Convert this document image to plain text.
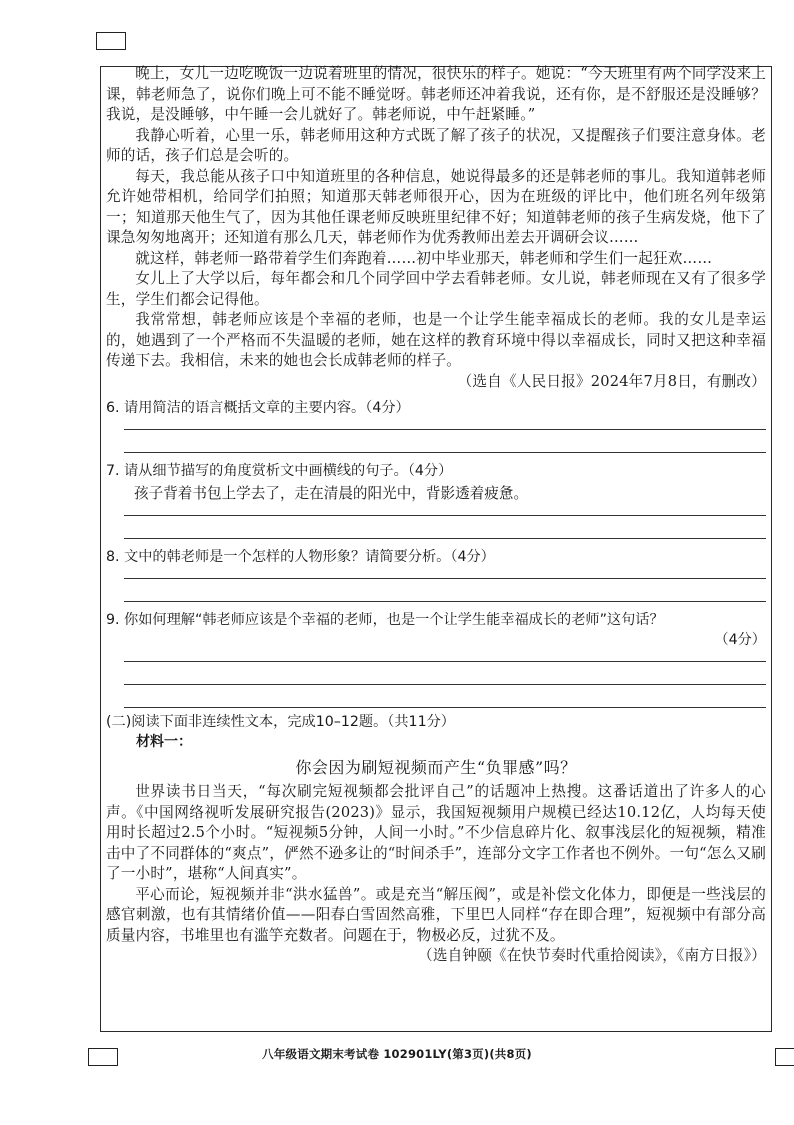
晚上，女儿一边吃晚饭一边说着班里的情况，很快乐的样子。她说：“今天班里有两个同学没来上课，韩老师急了，说你们晚上可不能不睡觉呀。韩老师还冲着我说，还有你，是不舒服还是没睡够？我说，是没睡够，中午睡一会儿就好了。韩老师说，中午赶紧睡。”

我静心听着，心里一乐，韩老师用这种方式既了解了孩子的状况，又提醒孩子们要注意身体。老师的话，孩子们总是会听的。

每天，我总能从孩子口中知道班里的各种信息，她说得最多的还是韩老师的事儿。我知道韩老师允许她带相机，给同学们拍照；知道那天韩老师很开心，因为在班级的评比中，他们班名列年级第一；知道那天他生气了，因为其他任课老师反映班里纪律不好；知道韩老师的孩子生病发烧，他下了课急匆匆地离开；还知道有那么几天，韩老师作为优秀教师出差去开调研会议……

就这样，韩老师一路带着学生们奔跑着……初中毕业那天，韩老师和学生们一起狂欢……

女儿上了大学以后，每年都会和几个同学回中学去看韩老师。女儿说，韩老师现在又有了很多学生，学生们都会记得他。

我常常想，韩老师应该是个幸福的老师，也是一个让学生能幸福成长的老师。我的女儿是幸运的，她遇到了一个严格而不失温暖的老师，她在这样的教育环境中得以幸福成长，同时又把这种幸福传递下去。我相信，未来的她也会长成韩老师的样子。

（选自《人民日报》2024年7月8日，有删改）

6. 请用简洁的语言概括文章的主要内容。（4分）

7. 请从细节描写的角度赏析文中画横线的句子。（4分）

孩子背着书包上学去了，走在清晨的阳光中，背影透着疲惫。

8. 文中的韩老师是一个怎样的人物形象？请简要分析。（4分）

9. 你如何理解“韩老师应该是个幸福的老师，也是一个让学生能幸福成长的老师”这句话？

（4分）

(二)阅读下面非连续性文本，完成10–12题。（共11分）

材料一：

你会因为刷短视频而产生“负罪感”吗？

世界读书日当天，“每次刷完短视频都会批评自己”的话题冲上热搜。这番话道出了许多人的心声。《中国网络视听发展研究报告(2023)》显示，我国短视频用户规模已经达10.12亿，人均每天使用时长超过2.5个小时。“短视频5分钟，人间一小时。”不少信息碎片化、叙事浅层化的短视频，精准击中了不同群体的“爽点”，俨然不逊多让的“时间杀手”，连部分文字工作者也不例外。一句“怎么又刷了一小时”，堪称“人间真实”。

平心而论，短视频并非“洪水猛兽”。或是充当“解压阀”，或是补偿文化体力，即便是一些浅层的感官刺激，也有其情绪价值——阳春白雪固然高雅，下里巴人同样“存在即合理”，短视频中有部分高质量内容，书堆里也有滥竽充数者。问题在于，物极必反，过犹不及。

（选自钟颐《在快节奏时代重拾阅读》，《南方日报》）

八年级语文期末考试卷 102901LY(第3页)(共8页)
